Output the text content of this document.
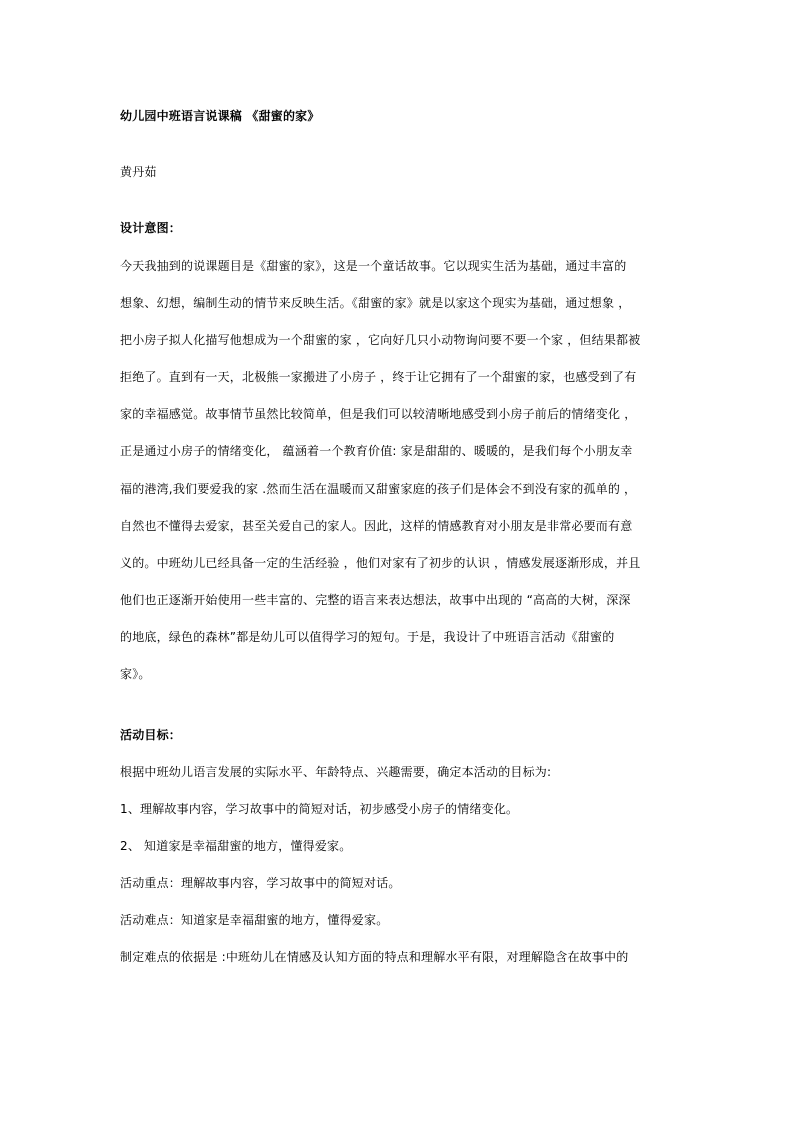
幼儿园中班语言说课稿 《甜蜜的家》
黄丹茹
设计意图：
今天我抽到的说课题目是《甜蜜的家》，这是一个童话故事。它以现实生活为基础，通过丰富的
想象、幻想，编制生动的情节来反映生活。《甜蜜的家》就是以家这个现实为基础，通过想象 ，
把小房子拟人化描写他想成为一个甜蜜的家 ，它向好几只小动物询问要不要一个家 ，但结果都被
拒绝了。直到有一天，北极熊一家搬进了小房子 ，终于让它拥有了一个甜蜜的家，也感受到了有
家的幸福感觉。故事情节虽然比较简单，但是我们可以较清晰地感受到小房子前后的情绪变化 ，
正是通过小房子的情绪变化， 蕴涵着一个教育价值: 家是甜甜的、暖暖的，是我们每个小朋友幸
福的港湾,我们要爱我的家 .然而生活在温暖而又甜蜜家庭的孩子们是体会不到没有家的孤单的 ，
自然也不懂得去爱家，甚至关爱自己的家人。因此，这样的情感教育对小朋友是非常必要而有意
义的。中班幼儿已经具备一定的生活经验 ，他们对家有了初步的认识 ，情感发展逐渐形成，并且
他们也正逐渐开始使用一些丰富的、完整的语言来表达想法，故事中出现的 “高高的大树，深深
的地底，绿色的森林”都是幼儿可以值得学习的短句。于是，我设计了中班语言活动《甜蜜的
家》。
活动目标：
根据中班幼儿语言发展的实际水平、年龄特点、兴趣需要，确定本活动的目标为:
1、理解故事内容，学习故事中的简短对话，初步感受小房子的情绪变化。
2、 知道家是幸福甜蜜的地方，懂得爱家。
活动重点：理解故事内容，学习故事中的简短对话。
活动难点：知道家是幸福甜蜜的地方，懂得爱家。
制定难点的依据是 :中班幼儿在情感及认知方面的特点和理解水平有限，对理解隐含在故事中的
